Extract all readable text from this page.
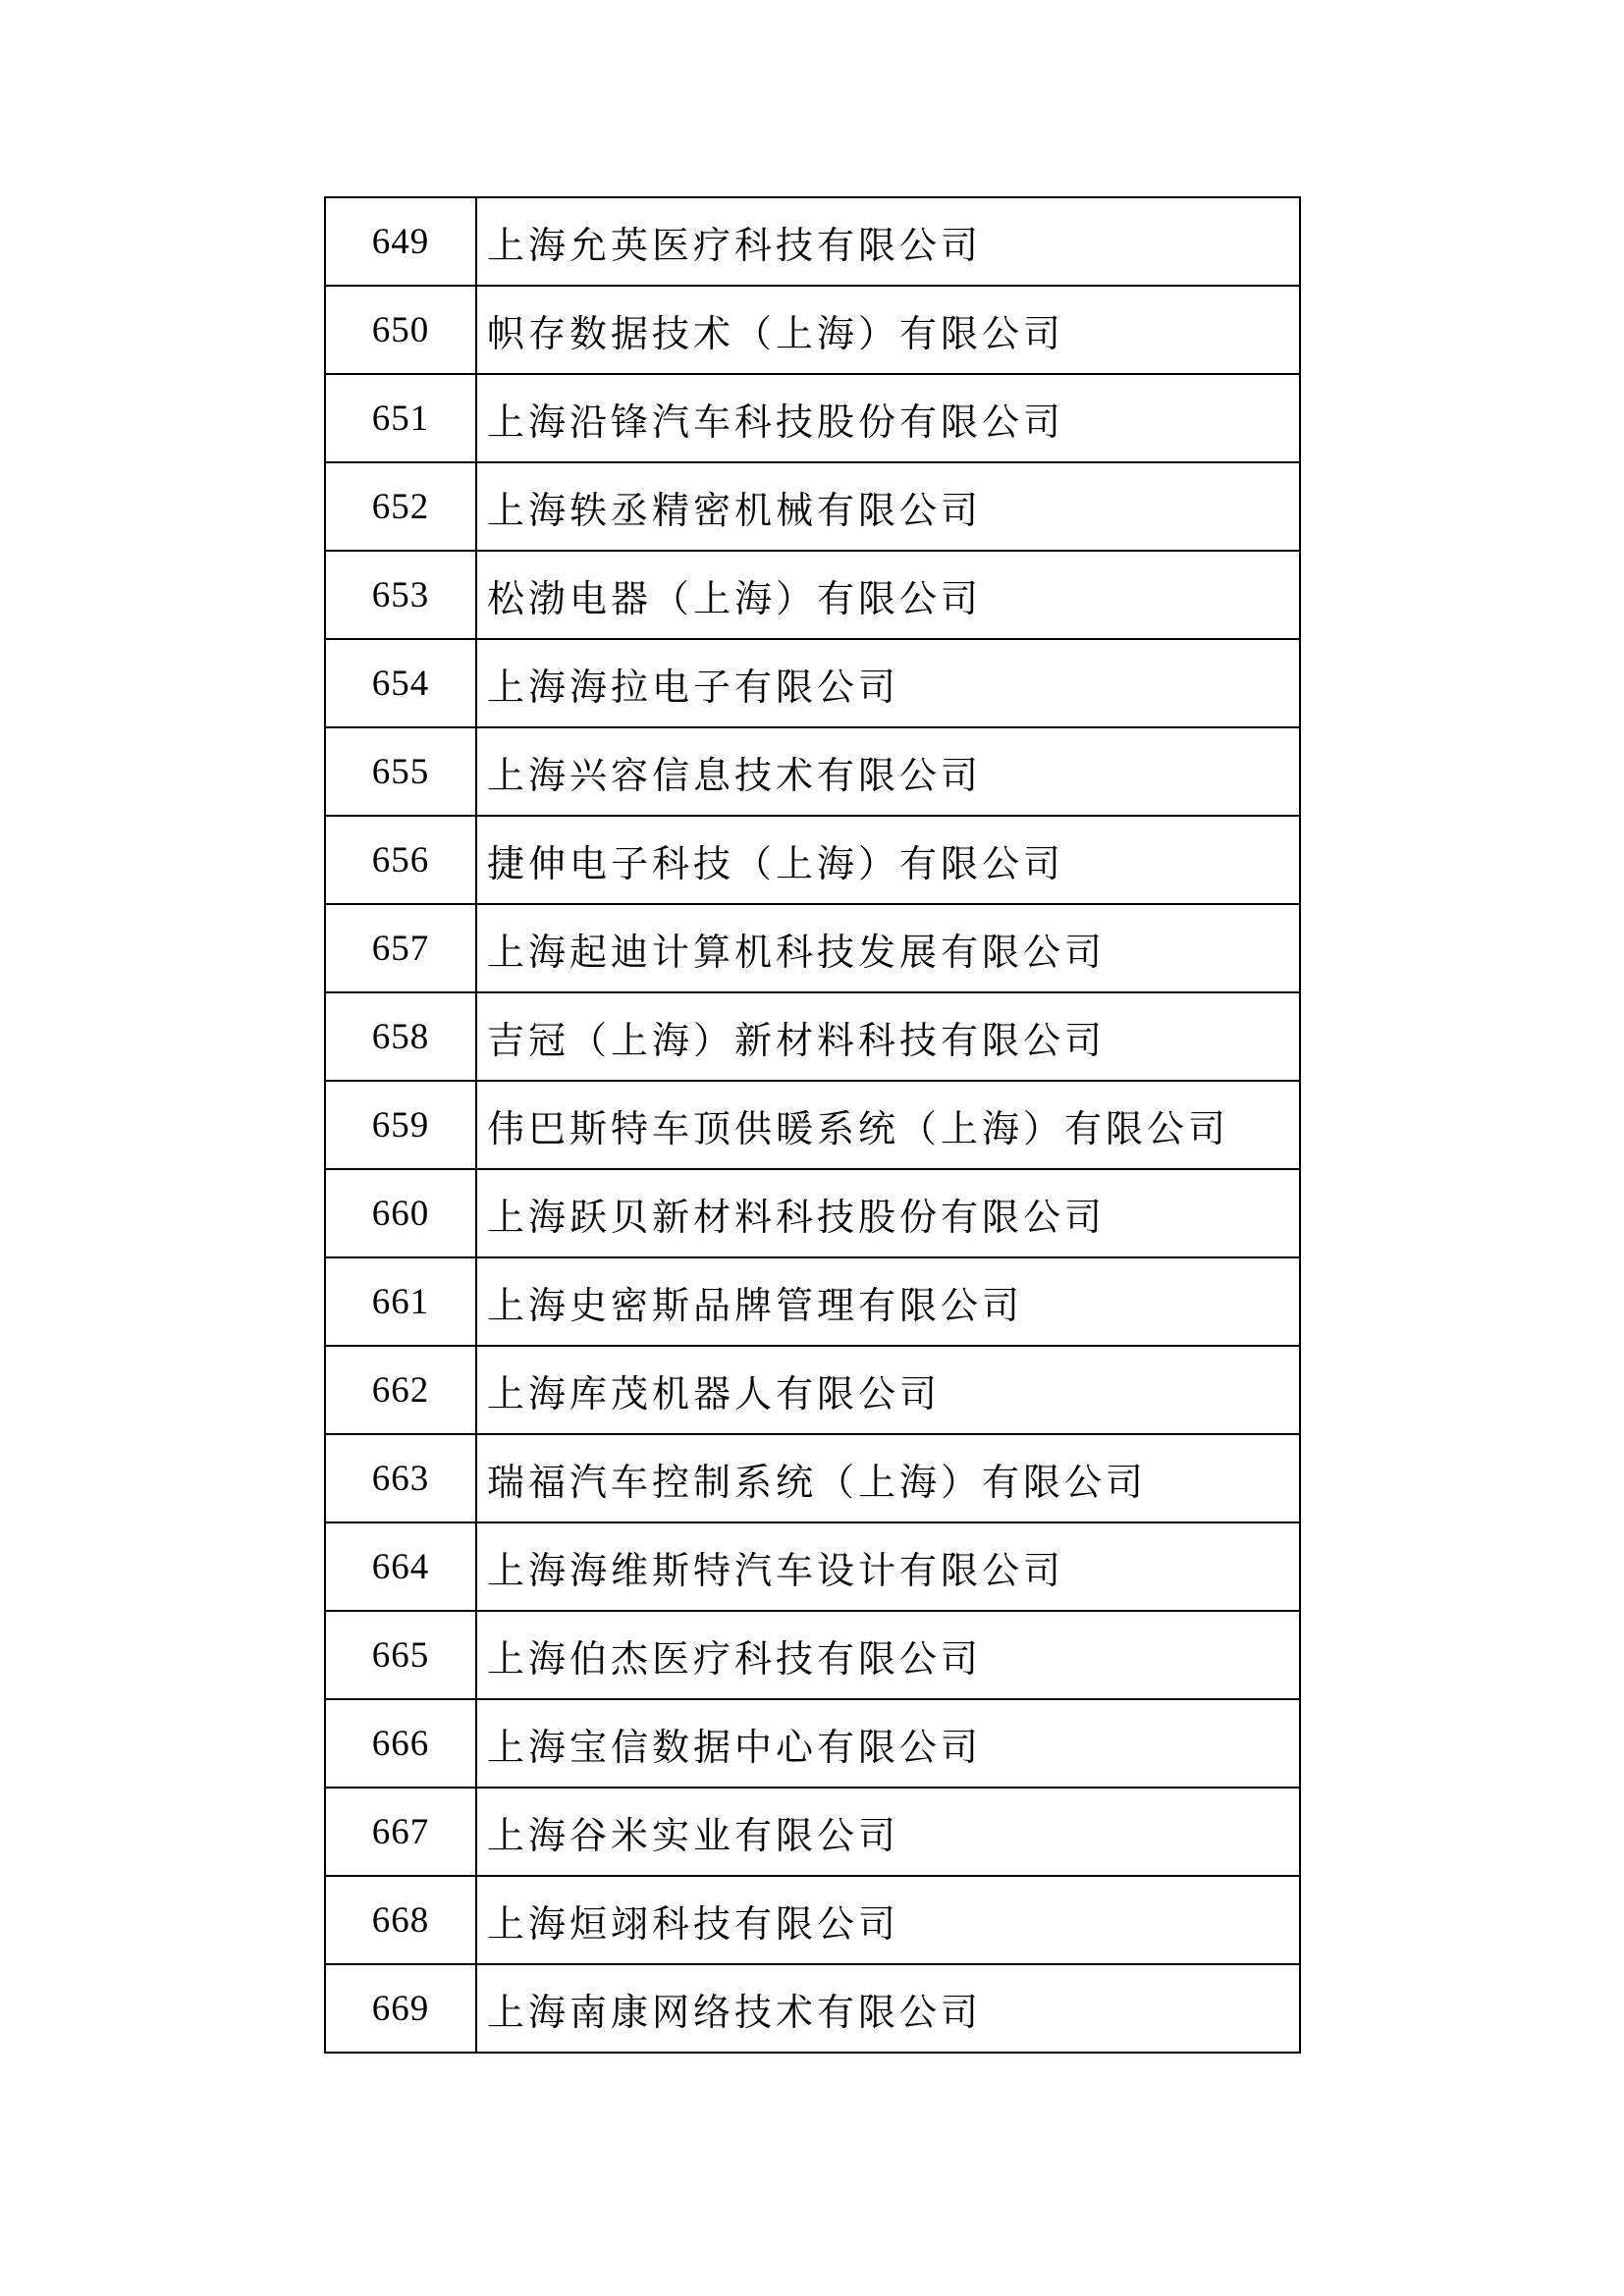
649	上海允英医疗科技有限公司
650	帜存数据技术（上海）有限公司
651	上海沿锋汽车科技股份有限公司
652	上海轶丞精密机械有限公司
653	松渤电器（上海）有限公司
654	上海海拉电子有限公司
655	上海兴容信息技术有限公司
656	捷伸电子科技（上海）有限公司
657	上海起迪计算机科技发展有限公司
658	吉冠（上海）新材料科技有限公司
659	伟巴斯特车顶供暖系统（上海）有限公司
660	上海跃贝新材料科技股份有限公司
661	上海史密斯品牌管理有限公司
662	上海库茂机器人有限公司
663	瑞福汽车控制系统（上海）有限公司
664	上海海维斯特汽车设计有限公司
665	上海伯杰医疗科技有限公司
666	上海宝信数据中心有限公司
667	上海谷米实业有限公司
668	上海烜翊科技有限公司
669	上海南康网络技术有限公司
